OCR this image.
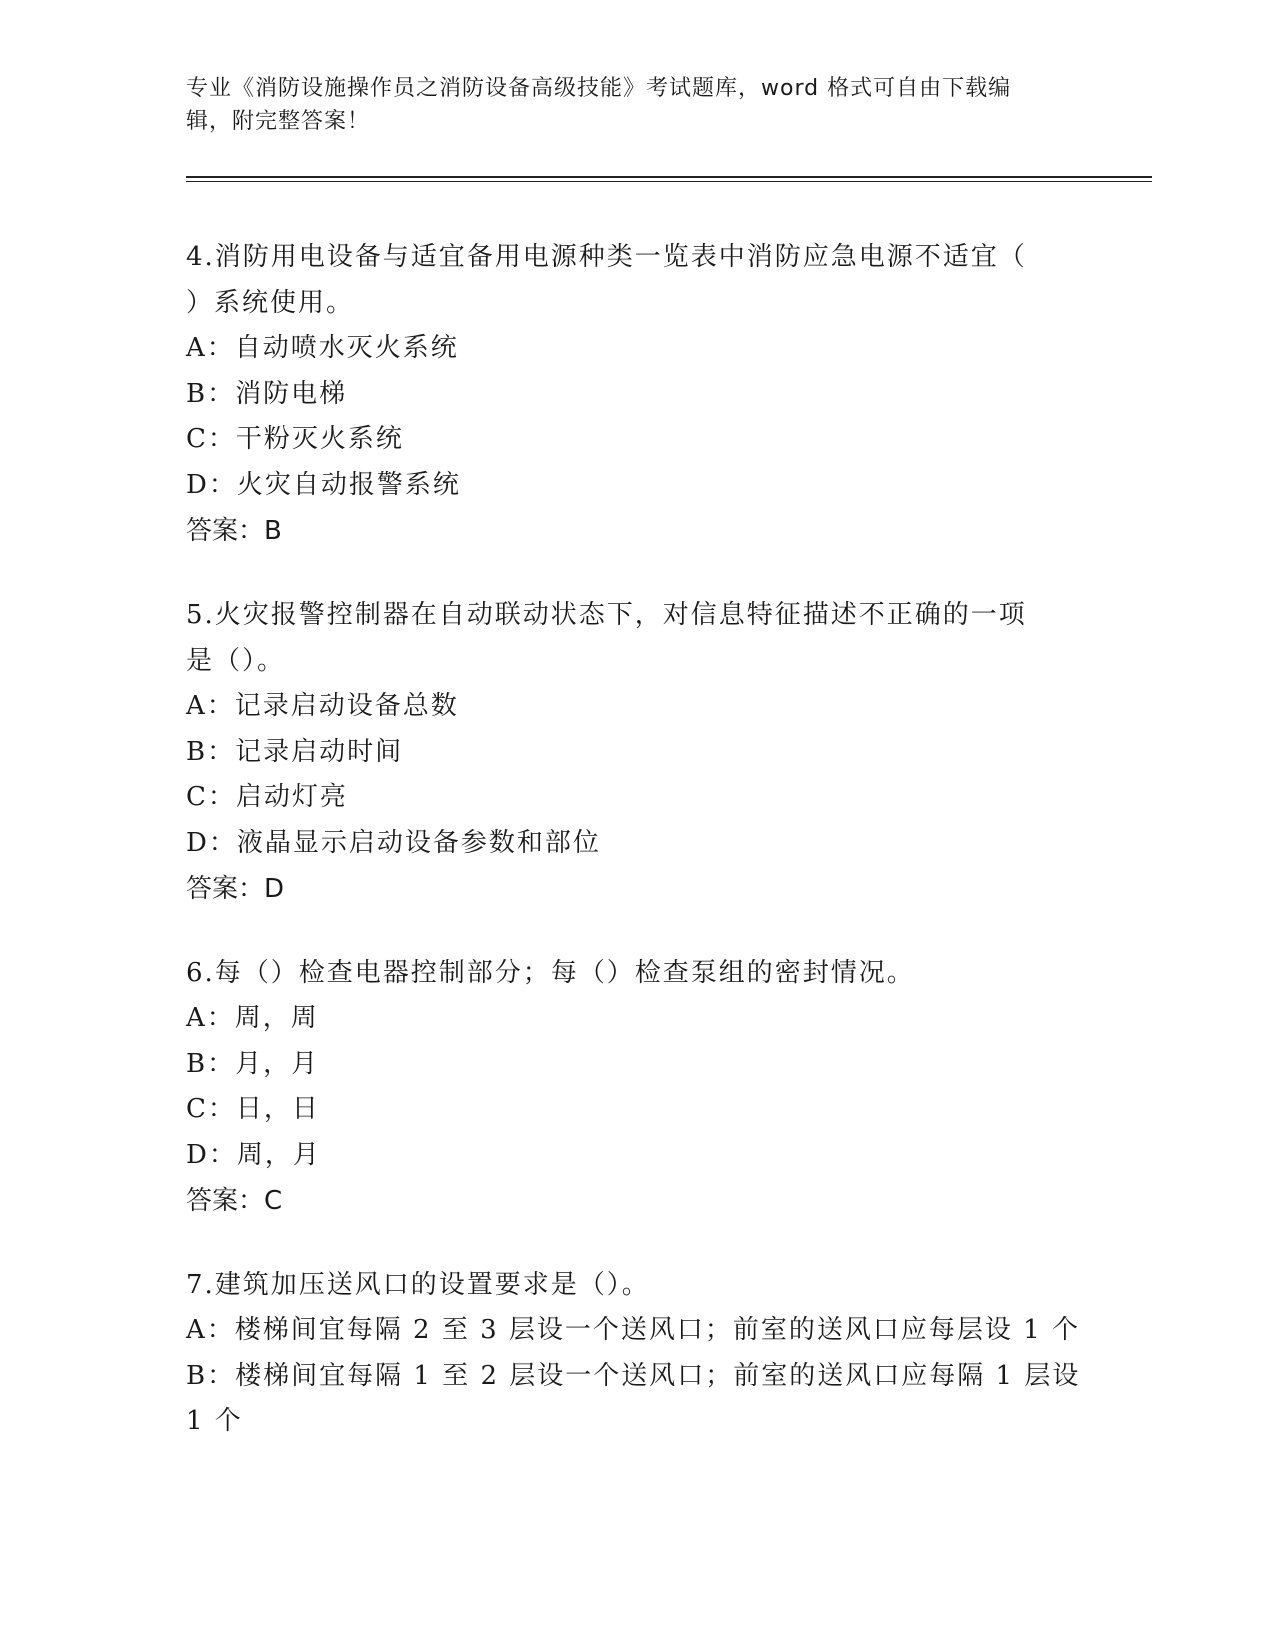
专业《消防设施操作员之消防设备高级技能》考试题库，word 格式可自由下载编
辑，附完整答案！
4.消防用电设备与适宜备用电源种类一览表中消防应急电源不适宜（
）系统使用。
A：自动喷水灭火系统
B：消防电梯
C：干粉灭火系统
D：火灾自动报警系统
答案：B
5.火灾报警控制器在自动联动状态下，对信息特征描述不正确的一项
是（）。
A：记录启动设备总数
B：记录启动时间
C：启动灯亮
D：液晶显示启动设备参数和部位
答案：D
6.每（）检查电器控制部分；每（）检查泵组的密封情况。
A：周，周
B：月，月
C：日，日
D：周，月
答案：C
7.建筑加压送风口的设置要求是（）。
A：楼梯间宜每隔 2 至 3 层设一个送风口；前室的送风口应每层设 1 个
B：楼梯间宜每隔 1 至 2 层设一个送风口；前室的送风口应每隔 1 层设
1 个
